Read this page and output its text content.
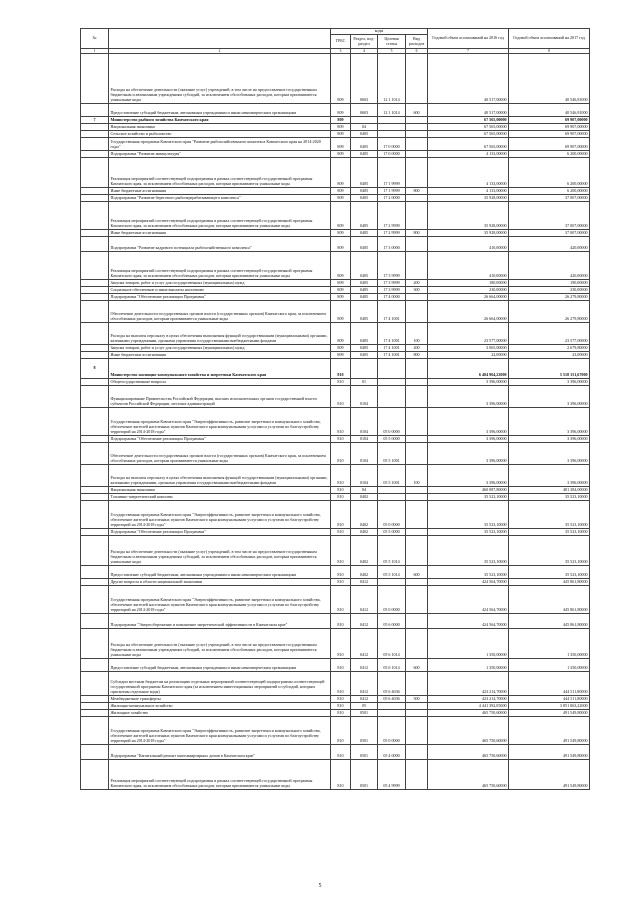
№		коды				Годовой объем ассигнований на 2016 год	Годовой объем ассигнований на 2017 год
		ГРБС	Раздел, под-раздел	Целевая статья	Вид расходов		
1	2	3	4	5	6	7	8
	Расходы на обеспечение деятельности (оказание услуг) учреждений, в том числе на предоставление государственным бюджетным и автономным учреждениям субсидий, за исключением обособленных расходов, которым присваиваются уникальные коды	809	0603	12 1 1014		40 517,00000	40 546,81000
	Предоставление субсидий бюджетным, автономным учреждениям и иным некоммерческим организациям	809	0603	12 1 1014	600	40 517,00000	40 546,81000
7	Министерство рыбного хозяйства Камчатского края	809				67 565,00000	69 907,00000
	Национальная экономика	809	04			67 565,00000	69 907,00000
	Сельское хозяйство и рыболовство	809	0405			67 565,00000	69 907,00000
	Государственная программа Камчатского края "Развитие рыбохозяйственного комплекса Камчатского края на 2014-2020 годы"	809	0405	17 0 0000		67 565,00000	69 907,00000
	Подпрограмма "Развитие аквакультуры"	809	0405	17 0 0000		4 133,00000	6 200,00000
	Реализация мероприятий соответствующей подпрограммы в рамках соответствующей государственной программы Камчатского края, за исключением обособленных расходов, которым присваиваются уникальные коды	809	0405	17 1 9999		4 133,00000	6 200,00000
	Иные бюджетные ассигнования	809	0405	17 1 9999	800	4 133,00000	6 200,00000
	Подпрограмма "Развитие берегового рыбоперерабатывающего комплекса"	809	0405	17 2 0000		35 928,00000	37 007,00000
	Реализация мероприятий соответствующей подпрограммы в рамках соответствующей государственной программы Камчатского края, за исключением обособленных расходов, которым присваиваются уникальные коды	809	0405	17 2 9999		35 928,00000	37 007,00000
	Иные бюджетные ассигнования	809	0405	17 2 9999	800	35 928,00000	37 007,00000
	Подпрограмма "Развитие кадрового потенциала рыбохозяйственного комплекса"	809	0405	17 3 0000		410,00000	420,00000
	Реализация мероприятий соответствующей подпрограммы в рамках соответствующей государственной программы Камчатского края, за исключением обособленных расходов, которым присваиваются уникальные коды	809	0405	17 3 9999		410,00000	420,00000
	Закупка товаров, работ и услуг для государственных (муниципальных) нужд	809	0405	17 3 9999	200	180,00000	190,00000
	Социальное обеспечение и иные выплаты населению	809	0405	17 3 9999	300	230,00000	230,00000
	Подпрограмма "Обеспечение реализации Программы"	809	0405	17 4 0000		26 664,00000	26 279,80000
	Обеспечение деятельности государственных органов власти (государственных органов) Камчатского края, за исключением обособленных расходов, которым присваиваются уникальные коды	809	0405	17 4 1001		26 664,00000	26 279,80000
	Расходы на выплаты персоналу в целях обеспечения выполнения функций государственными (муниципальными) органами, казенными учреждениями, органами управления государственными внебюджетными фондами	809	0405	17 4 1001	100	23 577,00000	23 577,00000
	Закупка товаров, работ и услуг для государственных (муниципальных) нужд	809	0405	17 4 1001	200	3 065,00000	2 679,80000
	Иные бюджетные ассигнования	809	0405	17 4 1001	800	22,00000	23,00000
8	Министерство жилищно-коммунального хозяйства и энергетики Камчатского края	810				6 404 964,22000	5 510 151,67000
	Общегосударственные вопросы	810	01			3 396,00000	3 396,00000
	Функционирование Правительства Российской Федерации, высших исполнительных органов государственной власти субъектов Российской Федерации, местных администраций	810	0104			3 396,00000	3 396,00000
	Государственная программа Камчатского края "Энергоэффективность, развитие энергетики и коммунального хозяйства, обеспечение жителей населенных пунктов Камчатского края коммунальными услугами и услугами по благоустройству территорий на 2014-2018 годы"	810	0104	05 0 0000		3 396,00000	3 396,00000
	Подпрограмма "Обеспечение реализации Программы"	810	0104	05 5 0000		3 396,00000	3 396,00000
	Обеспечение деятельности государственных органов власти (государственных органов) Камчатского края, за исключением обособленных расходов, которым присваиваются уникальные коды	810	0104	05 5 1001		3 396,00000	3 396,00000
	Расходы на выплаты персоналу в целях обеспечения выполнения функций государственными (муниципальными) органами, казенными учреждениями, органами управления государственными внебюджетными фондами	810	0104	05 5 1001	100	3 396,00000	3 396,00000
	Национальная экономика	810	04			460 087,80000	481 384,00000
	Топливно-энергетический комплекс	810	0402			35 523,10000	35 523,10000
	Государственная программа Камчатского края "Энергоэффективность, развитие энергетики и коммунального хозяйства, обеспечение жителей населенных пунктов Камчатского края коммунальными услугами и услугами по благоустройству территорий на 2014-2018 годы"	810	0402	05 0 0000		35 523,10000	35 523,10000
	Подпрограмма "Обеспечение реализации Программы"	810	0402	05 5 0000		35 523,10000	35 523,10000
	Расходы на обеспечение деятельности (оказание услуг) учреждений, в том числе на предоставление государственным бюджетным и автономным учреждениям субсидий, за исключением обособленных расходов, которым присваиваются уникальные коды	810	0402	05 5 1014		35 523,10000	35 523,10000
	Предоставление субсидий бюджетным, автономным учреждениям и иным некоммерческим организациям	810	0402	05 5 1014	600	35 523,10000	35 523,10000
	Другие вопросы в области национальной экономики	810	0412			424 564,70000	445 861,80000
	Государственная программа Камчатского края "Энергоэффективность, развитие энергетики и коммунального хозяйства, обеспечение жителей населенных пунктов Камчатского края коммунальными услугами и услугами по благоустройству территорий на 2014-2018 годы"	810	0412	05 0 0000		424 564,70000	445 861,80000
	Подпрограмма "Энергосбережение и повышение энергетической эффективности в Камчатском крае"	810	0412	05 6 0000		424 564,70000	445 861,80000
	Расходы на обеспечение деятельности (оказание услуг) учреждений, в том числе на предоставление государственным бюджетным и автономным учреждениям субсидий, за исключением обособленных расходов, которым присваиваются уникальные коды	810	0412	05 6 1014		1 350,00000	1 350,00000
	Предоставление субсидий бюджетным, автономным учреждениям и иным некоммерческим организациям	810	0412	05 6 1014	600	1 350,00000	1 350,00000
	Субсидии местным бюджетам на реализацию отдельных мероприятий соответствующей подпрограммы соответствующей государственной программы Камчатского края (за исключением инвестиционных мероприятий и субсидий, которым присвоены отдельные коды)	810	0412	05 6 4036		423 214,70000	444 511,80000
	Межбюджетные трансферты	810	0412	05 6 4036	500	423 214,70000	444 511,80000
	Жилищно-коммунальное хозяйство	810	05			4 441 392,05000	3 851 063,22000
	Жилищное хозяйство	810	0501			465 750,60000	491 549,80000
	Государственная программа Камчатского края "Энергоэффективность, развитие энергетики и коммунального хозяйства, обеспечение жителей населенных пунктов Камчатского края коммунальными услугами и услугами по благоустройству территорий на 2014-2018 годы"	810	0501	05 0 0000		465 750,60000	491 549,80000
	Подпрограмма "Капитальный ремонт многоквартирных домов в Камчатском крае"	810	0501	05 4 0000		465 750,60000	491 549,80000
	Реализация мероприятий соответствующей подпрограммы в рамках соответствующей государственной программы Камчатского края, за исключением обособленных расходов, которым присваиваются уникальные коды	810	0501	05 4 9999		465 750,60000	491 549,80000
5
